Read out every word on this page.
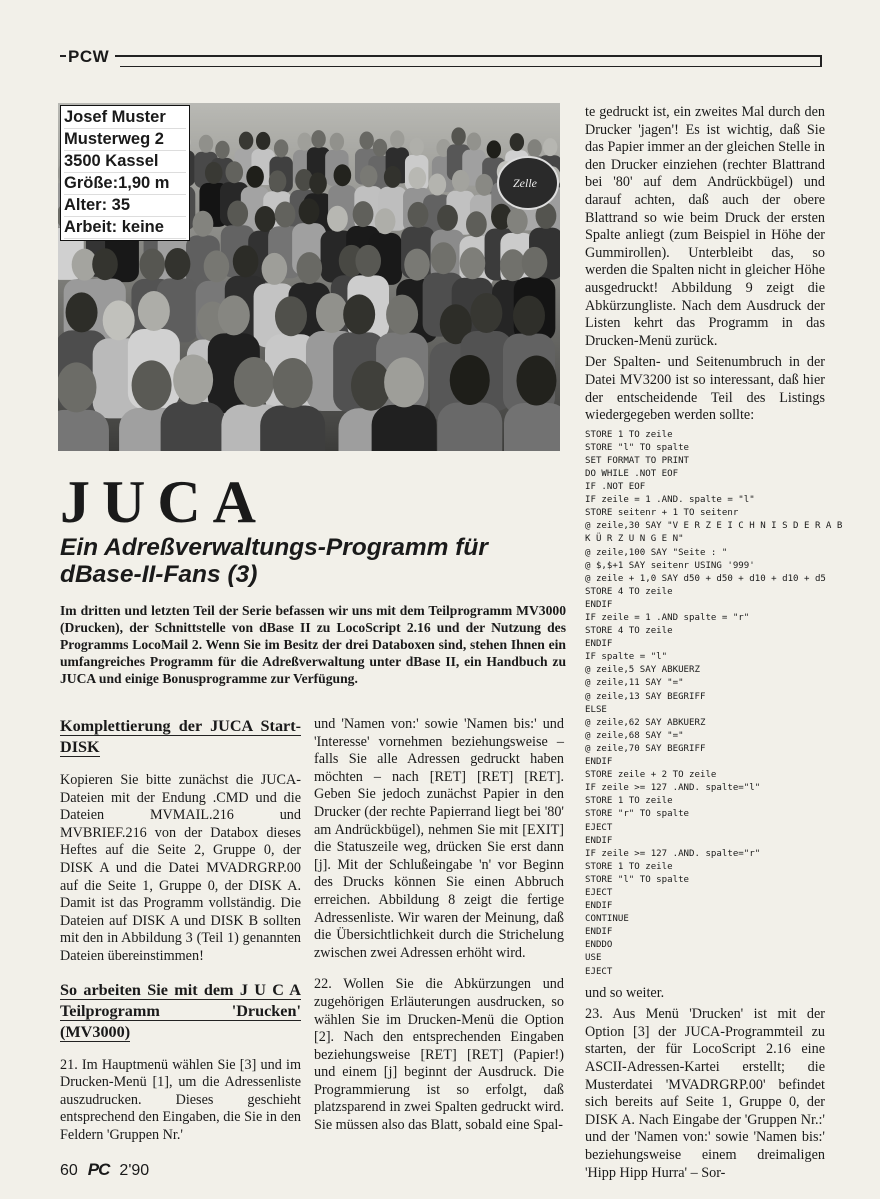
PCW
Zelle
Josef Muster
Musterweg 2
3500 Kassel
Größe:1,90 m
Alter: 35
Arbeit: keine
JUCA
Ein Adreßverwaltungs-Programm für dBase-II-Fans (3)
Im dritten und letzten Teil der Serie befassen wir uns mit dem Teilprogramm MV3000 (Drucken), der Schnittstelle von dBase II zu LocoScript 2.16 und der Nutzung des Programms LocoMail 2. Wenn Sie im Besitz der drei Databoxen sind, stehen Ihnen ein umfangreiches Programm für die Adreßverwaltung unter dBase II, ein Handbuch zu JUCA und einige Bonusprogramme zur Verfügung.
Komplettierung der JUCA Start-DISK

Kopieren Sie bitte zunächst die JUCA-Dateien mit der Endung .CMD und die Dateien MVMAIL.216 und MVBRIEF.216 von der Databox dieses Heftes auf die Seite 2, Gruppe 0, der DISK A und die Datei MVADRGRP.00 auf die Seite 1, Gruppe 0, der DISK A. Damit ist das Programm vollständig. Die Dateien auf DISK A und DISK B sollten mit den in Abbildung 3 (Teil 1) genannten Dateien übereinstimmen!

So arbeiten Sie mit dem J U C A Teilprogramm 'Drucken' (MV3000)

21. Im Hauptmenü wählen Sie [3] und im Drucken-Menü [1], um die Adressenliste auszudrucken. Dieses geschieht entsprechend den Eingaben, die Sie in den Feldern 'Gruppen Nr.'

und 'Namen von:' sowie 'Namen bis:' und 'Interesse' vornehmen beziehungsweise – falls Sie alle Adressen gedruckt haben möchten – nach [RET] [RET] [RET]. Geben Sie jedoch zunächst Papier in den Drucker (der rechte Papierrand liegt bei '80' am Andrückbügel), nehmen Sie mit [EXIT] die Statuszeile weg, drücken Sie erst dann [j]. Mit der Schlußeingabe 'n' vor Beginn des Drucks können Sie einen Abbruch erreichen. Abbildung 8 zeigt die fertige Adressenliste. Wir waren der Meinung, daß die Übersichtlichkeit durch die Strichelung zwischen zwei Adressen erhöht wird.

22. Wollen Sie die Abkürzungen und zugehörigen Erläuterungen ausdrucken, so wählen Sie im Drucken-Menü die Option [2]. Nach den entsprechenden Eingaben beziehungsweise [RET] [RET] (Papier!) und einem [j] beginnt der Ausdruck. Die Programmierung ist so erfolgt, daß platzsparend in zwei Spalten gedruckt wird. Sie müssen also das Blatt, sobald eine Spal-

te gedruckt ist, ein zweites Mal durch den Drucker 'jagen'! Es ist wichtig, daß Sie das Papier immer an der gleichen Stelle in den Drucker einziehen (rechter Blattrand bei '80' auf dem Andrückbügel) und darauf achten, daß auch der obere Blattrand so wie beim Druck der ersten Spalte anliegt (zum Beispiel in Höhe der Gummirollen). Unterbleibt das, so werden die Spalten nicht in gleicher Höhe ausgedruckt! Abbildung 9 zeigt die Abkürzungliste. Nach dem Ausdruck der Listen kehrt das Programm in das Drucken-Menü zurück.

Der Spalten- und Seitenumbruch in der Datei MV3200 ist so interessant, daß hier der entscheidende Teil des Listings wiedergegeben werden sollte:

STORE 1 TO zeile
STORE "l" TO spalte
SET FORMAT TO PRINT
DO WHILE .NOT EOF
IF .NOT EOF
IF zeile = 1 .AND. spalte = "l"
STORE seitenr + 1 TO seitenr
@ zeile,30 SAY "V E R Z E I C H N I S D E R A B
K Ü R Z U N G E N"
@ zeile,100 SAY "Seite : "
@ $,$+1 SAY seitenr USING '999'
@ zeile + 1,0 SAY d50 + d50 + d10 + d10 + d5
STORE 4 TO zeile
ENDIF
IF zeile = 1 .AND spalte = "r"
STORE 4 TO zeile
ENDIF
IF spalte = "l"
@ zeile,5 SAY ABKUERZ
@ zeile,11 SAY "="
@ zeile,13 SAY BEGRIFF
ELSE
@ zeile,62 SAY ABKUERZ
@ zeile,68 SAY "="
@ zeile,70 SAY BEGRIFF
ENDIF
STORE zeile + 2 TO zeile
IF zeile >= 127 .AND. spalte="l"
STORE 1 TO zeile
STORE "r" TO spalte
EJECT
ENDIF
IF zeile >= 127 .AND. spalte="r"
STORE 1 TO zeile
STORE "l" TO spalte
EJECT
ENDIF
CONTINUE
ENDIF
ENDDO
USE
EJECT

und so weiter.

23. Aus Menü 'Drucken' ist mit der Option [3] der JUCA-Programmteil zu starten, der für LocoScript 2.16 eine ASCII-Adressen-Kartei erstellt; die Musterdatei 'MVADRGRP.00' befindet sich bereits auf Seite 1, Gruppe 0, der DISK A. Nach Eingabe der 'Gruppen Nr.:' und der 'Namen von:' sowie 'Namen bis:' beziehungsweise einem dreimaligen 'Hipp Hipp Hurra' – Sor-

60 PC 2'90
